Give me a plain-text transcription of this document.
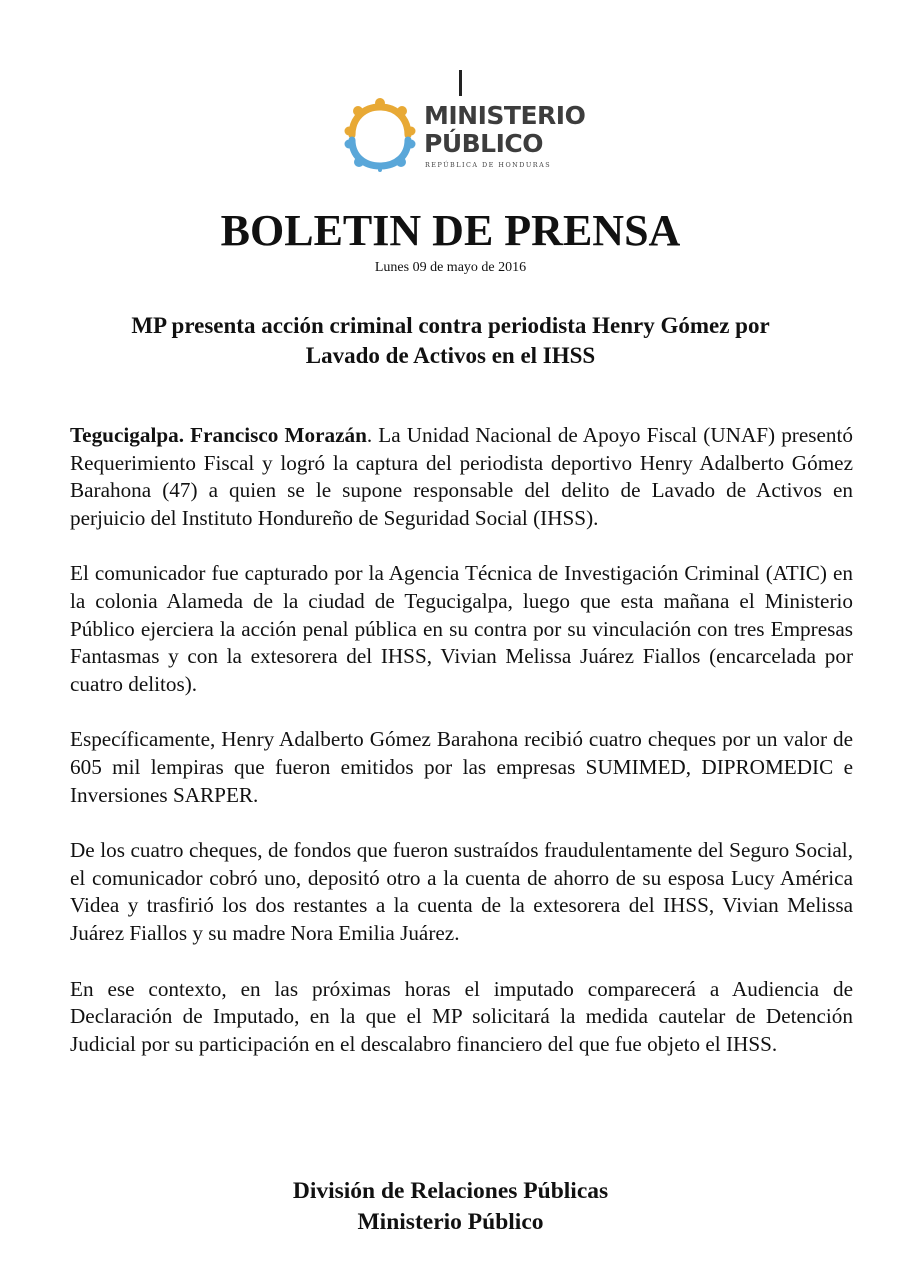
MINISTERIO
PÚBLICO
REPÚBLICA DE HONDURAS
BOLETIN DE PRENSA
Lunes 09 de mayo de 2016
MP presenta acción criminal contra periodista Henry Gómez por
Lavado de Activos en el IHSS

Tegucigalpa. Francisco Morazán. La Unidad Nacional de Apoyo Fiscal (UNAF) presentó Requerimiento Fiscal y logró la captura del periodista deportivo Henry Adalberto Gómez Barahona (47) a quien se le supone responsable del delito de Lavado de Activos en perjuicio del Instituto Hondureño de Seguridad Social (IHSS).

El comunicador fue capturado por la Agencia Técnica de Investigación Criminal (ATIC) en la colonia Alameda de la ciudad de Tegucigalpa, luego que esta mañana el Ministerio Público ejerciera la acción penal pública en su contra por su vinculación con tres Empresas Fantasmas y con la extesorera del IHSS, Vivian Melissa Juárez Fiallos (encarcelada por cuatro delitos).

Específicamente, Henry Adalberto Gómez Barahona recibió cuatro cheques por un valor de 605 mil lempiras que fueron emitidos por las empresas SUMIMED, DIPROMEDIC e Inversiones SARPER.

De los cuatro cheques, de fondos que fueron sustraídos fraudulentamente del Seguro Social, el comunicador cobró uno, depositó otro a la cuenta de ahorro de su esposa Lucy América Videa y trasfirió los dos restantes a la cuenta de la extesorera del IHSS, Vivian Melissa Juárez Fiallos y su madre Nora Emilia Juárez.

En ese contexto, en las próximas horas el imputado comparecerá a Audiencia de Declaración de Imputado, en la que el MP solicitará la medida cautelar de Detención Judicial por su participación en el descalabro financiero del que fue objeto el IHSS.

División de Relaciones Públicas
Ministerio Público
